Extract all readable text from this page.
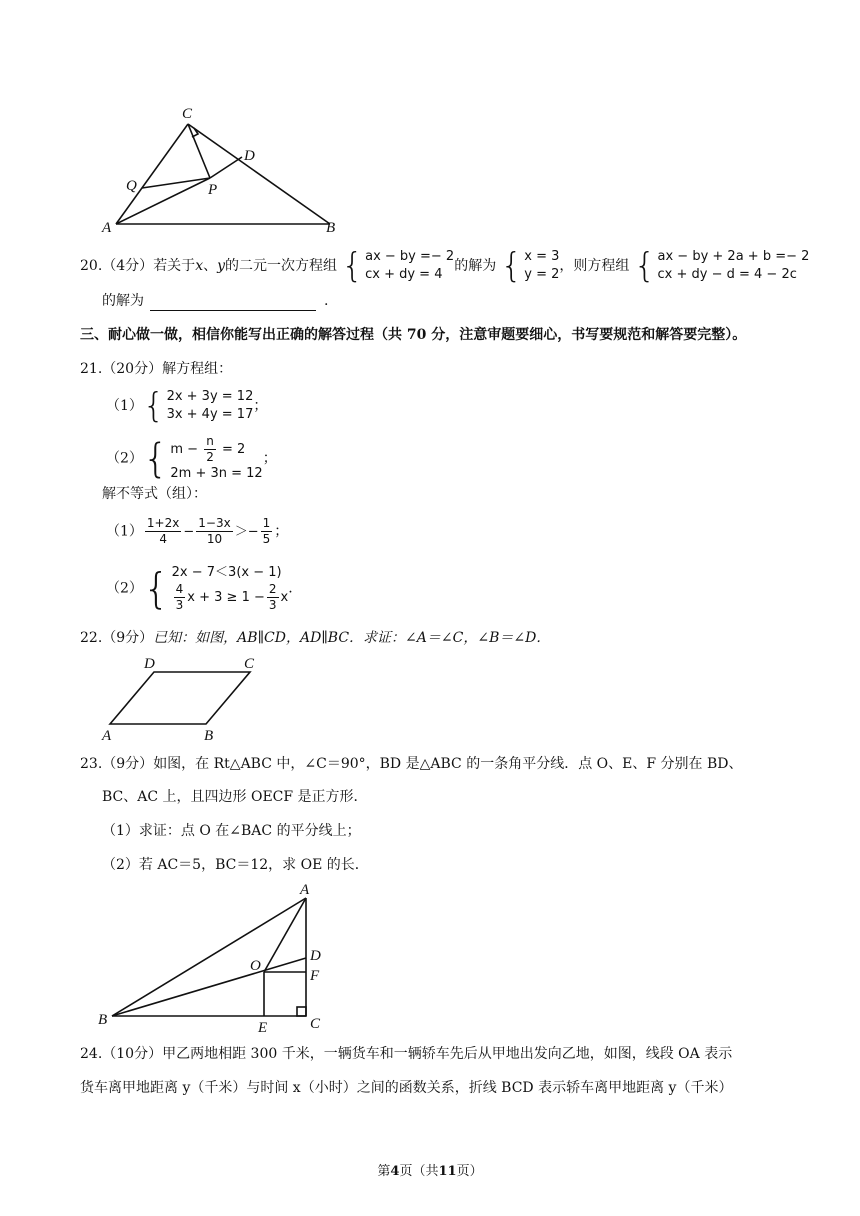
C
D
Q	P
A	B
20.（4分）若关于x、y的二元一次方程组 { ax − by =− 2
cx + dy = 4
的解为 { x = 3
y = 2
，则方程组 { ax − by + 2a + b =− 2
cx + dy − d = 4 − 2c
的解为	.
三、耐心做一做，相信你能写出正确的解答过程（共 70 分，注意审题要细心，书写要规范和解答要完整）。
21.（20分）解方程组：
（1） { 2x + 3y = 12
3x + 4y = 17
；
（2） { $m - \frac{n}{2} = 2$
2m + 3n = 12
；
解不等式（组）：
$(1) \frac{1+2x}{4} - \frac{1-3x}{10} >- \frac{1}{5}$ ；
（2） { 2x − 7＜3(x − 1)
$\frac{4}{3}$ $x + 3 \ge 1 - \frac{2}{3}$ x
.
22.（9分）已知：如图，AB∥CD，AD∥BC．求证：∠A＝∠C，∠B＝∠D．
D	C
A	B
23.（9分）如图，在 Rt△ABC 中，∠C＝90°，BD 是△ABC 的一条角平分线．点 O、E、F 分别在 BD、
BC、AC 上，且四边形 OECF 是正方形．
（1）求证：点 O 在∠BAC 的平分线上；
（2）若 AC＝5，BC＝12，求 OE 的长．
A
D
O
F
B	E	C
24.（10分）甲乙两地相距 300 千米，一辆货车和一辆轿车先后从甲地出发向乙地，如图，线段 OA 表示
货车离甲地距离 y（千米）与时间 x（小时）之间的函数关系，折线 BCD 表示轿车离甲地距离 y（千米）
第4页（共11页）
